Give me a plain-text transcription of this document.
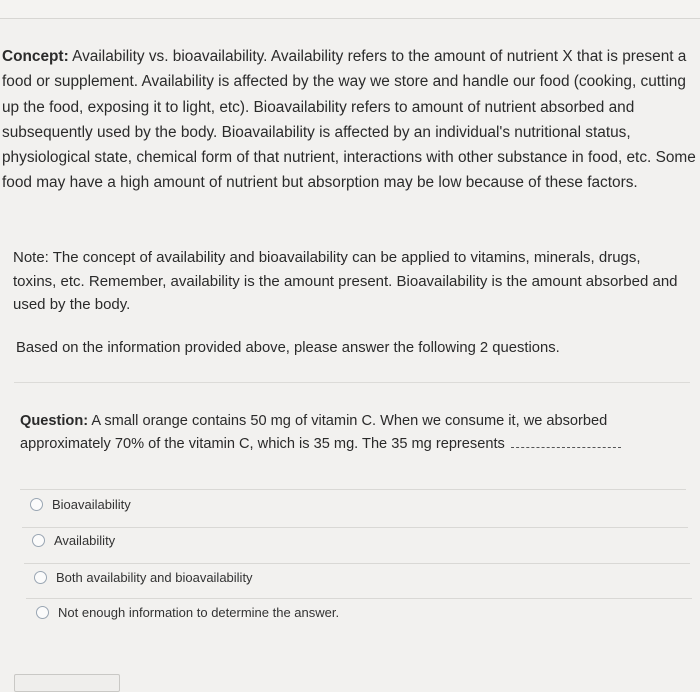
Concept: Availability vs. bioavailability. Availability refers to the amount of nutrient X that is present a food or supplement. Availability is affected by the way we store and handle our food (cooking, cutting up the food, exposing it to light, etc). Bioavailability refers to amount of nutrient absorbed and subsequently used by the body. Bioavailability is affected by an individual's nutritional status, physiological state, chemical form of that nutrient, interactions with other substance in food, etc. Some food may have a high amount of nutrient but absorption may be low because of these factors.
Note: The concept of availability and bioavailability can be applied to vitamins, minerals, drugs, toxins, etc. Remember, availability is the amount present. Bioavailability is the amount absorbed and used by the body.
Based on the information provided above, please answer the following 2 questions.
Question: A small orange contains 50 mg of vitamin C. When we consume it, we absorbed approximately 70% of the vitamin C, which is 35 mg. The 35 mg represents
Bioavailability
Availability
Both availability and bioavailability
Not enough information to determine the answer.
